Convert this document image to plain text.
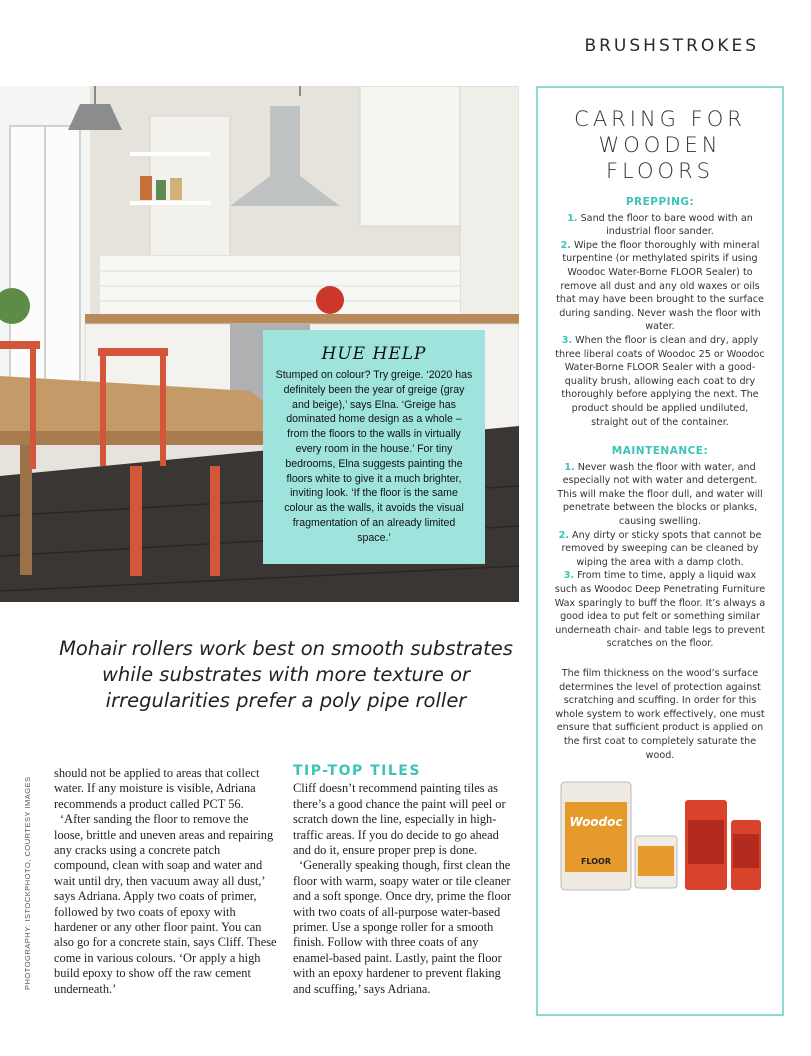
BRUSHSTROKES
HUE HELP

Stumped on colour? Try greige. ‘2020 has definitely been the year of greige (gray and beige),’ says Elna. ‘Greige has dominated home design as a whole – from the floors to the walls in virtually every room in the house.’ For tiny bedrooms, Elna suggests painting the floors white to give it a much brighter, inviting look. ‘If the floor is the same colour as the walls, it avoids the visual fragmentation of an already limited space.’

CARING FOR
WOODEN
FLOORS
PREPPING:

1. Sand the floor to bare wood with an industrial floor sander.

2. Wipe the floor thoroughly with mineral turpentine (or methylated spirits if using Woodoc Water-Borne FLOOR Sealer) to remove all dust and any old waxes or oils that may have been brought to the surface during sanding. Never wash the floor with water.

3. When the floor is clean and dry, apply three liberal coats of Woodoc 25 or Woodoc Water-Borne FLOOR Sealer with a good-quality brush, allowing each coat to dry thoroughly before applying the next. The product should be applied undiluted, straight out of the container.

MAINTENANCE:

1. Never wash the floor with water, and especially not with water and detergent. This will make the floor dull, and water will penetrate between the blocks or planks, causing swelling.

2. Any dirty or sticky spots that cannot be removed by sweeping can be cleaned by wiping the area with a damp cloth.

3. From time to time, apply a liquid wax such as Woodoc Deep Penetrating Furniture Wax sparingly to buff the floor. It’s always a good idea to put felt or something similar underneath chair- and table legs to prevent scratches on the floor.

The film thickness on the wood’s surface determines the level of protection against scratching and scuffing. In order for this whole system to work effectively, one must ensure that sufficient product is applied on the first coat to completely saturate the wood.

Woodoc
FLOOR
Mohair rollers work best on smooth substrates while substrates with more texture or irregularities prefer a poly pipe roller
PHOTOGRAPHY: ISTOCKPHOTO, COURTESY IMAGES

should not be applied to areas that collect water. If any moisture is visible, Adriana recommends a product called PCT 56.

‘After sanding the floor to remove the loose, brittle and uneven areas and repairing any cracks using a concrete patch compound, clean with soap and water and wait until dry, then vacuum away all dust,’ says Adriana. Apply two coats of primer, followed by two coats of epoxy with hardener or any other floor paint. You can also go for a concrete stain, says Cliff. These come in various colours. ‘Or apply a high build epoxy to show off the raw cement underneath.’

TIP-TOP TILES

Cliff doesn’t recommend painting tiles as there’s a good chance the paint will peel or scratch down the line, especially in high-traffic areas. If you do decide to go ahead and do it, ensure proper prep is done.

‘Generally speaking though, first clean the floor with warm, soapy water or tile cleaner and a soft sponge. Once dry, prime the floor with two coats of all-purpose water-based primer. Use a sponge roller for a smooth finish. Follow with three coats of any enamel-based paint. Lastly, paint the floor with an epoxy hardener to prevent flaking and scuffing,’ says Adriana.
